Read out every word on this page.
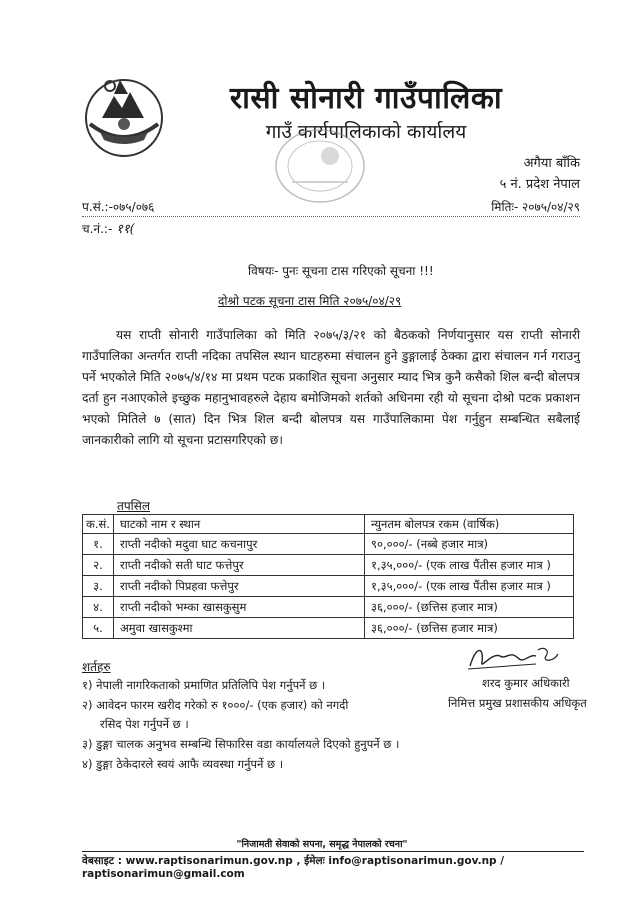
रासी सोनारी गाउँपालिका
गाउँ कार्यपालिकाको कार्यालय
अगैया बाँकि
५ नं. प्रदेश नेपाल
प.सं.:-०७५/०७६	मितिः- २०७५/०४/२९
च.नं.:- ११(
विषयः- पुनः सूचना टास गरिएको सूचना !!!
दोश्रो पटक सूचना टास मिति २०७५/०४/२९
यस राप्ती सोनारी गाउँपालिका को मिति २०७५/३/२१ को बैठकको निर्णयानुसार यस राप्ती सोनारी गाउँपालिका अन्तर्गत राप्ती नदिका तपसिल स्थान घाटहरुमा संचालन हुने डुङ्गालाई ठेक्का द्वारा संचालन गर्न गराउनु पर्ने भएकोले मिति २०७५/४/१४ मा प्रथम पटक प्रकाशित सूचना अनुसार म्याद भित्र कुनै कसैको शिल बन्दी बोलपत्र दर्ता हुन नआएकोले इच्छुक महानुभावहरुले देहाय बमोजिमको शर्तको अधिनमा रही यो सूचना दोश्रो पटक प्रकाशन भएको मितिले ७ (सात) दिन भित्र शिल बन्दी बोलपत्र यस गाउँपालिकामा पेश गर्नुहुन सम्बन्धित सबैलाई जानकारीको लागि यो सूचना प्रटासगरिएको छ।
तपसिल
क.सं.	घाटको नाम र स्थान	न्युनतम बोलपत्र रकम (वार्षिक)
१.	राप्ती नदीको मदुवा घाट कचनापुर	९०,०००/- (नब्बे हजार मात्र)
२.	राप्ती नदीको सती घाट फत्तेपुर	१,३५,०००/- (एक लाख पैंतीस हजार मात्र )
३.	राप्ती नदीको पिप्रहवा फत्तेपुर	१,३५,०००/- (एक लाख पैंतीस हजार मात्र )
४.	राप्ती नदीको भम्का खासकुसुम	३६,०००/- (छत्तिस हजार मात्र)
५.	अमुवा खासकुश्मा	३६,०००/- (छत्तिस हजार मात्र)
शर्तहरु
१) नेपाली नागरिकताको प्रमाणित प्रतिलिपि पेश गर्नुपर्ने छ ।
२) आवेदन फारम खरीद गरेको रु १०००/- (एक हजार) को नगदी
रसिद पेश गर्नुपर्ने छ ।
३) डुङ्गा चालक अनुभव सम्बन्धि सिफारिस वडा कार्यालयले दिएको हुनुपर्ने छ ।
४) डुङ्गा ठेकेदारले स्वयं आफै व्यवस्था गर्नुपर्ने छ ।
शरद कुमार अधिकारी
निमित्त प्रमुख प्रशासकीय अधिकृत
"निजामती सेवाको सपना, समृद्ध नेपालको रचना"
वेबसाइट : www.raptisonarimun.gov.np , ईमेलः info@raptisonarimun.gov.np / raptisonarimun@gmail.com
